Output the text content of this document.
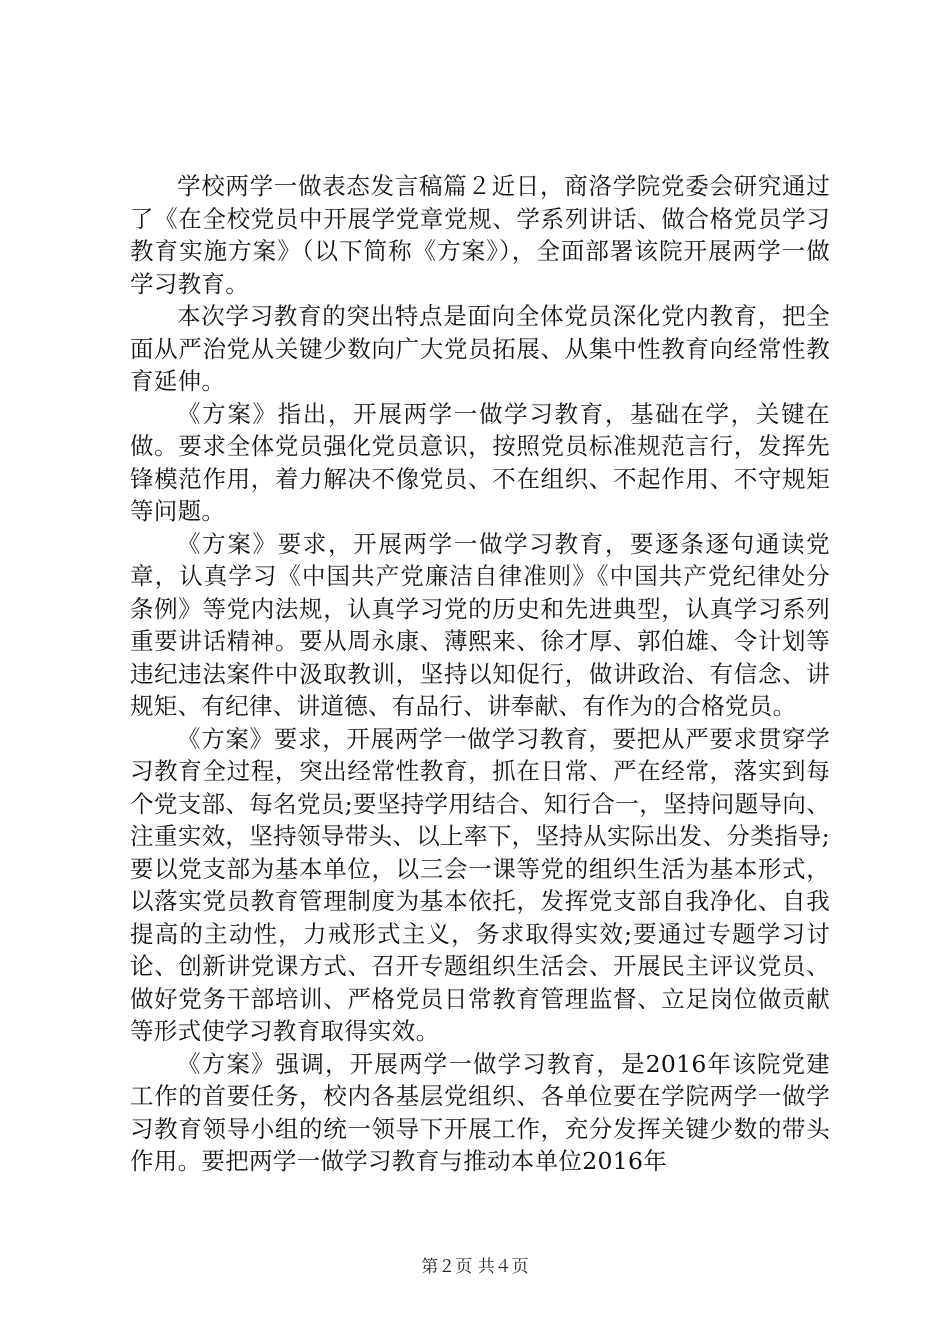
学校两学一做表态发言稿篇２近日，商洛学院党委会研究通过了《在全校党员中开展学党章党规、学系列讲话、做合格党员学习教育实施方案》（以下简称《方案》），全面部署该院开展两学一做学习教育。

本次学习教育的突出特点是面向全体党员深化党内教育，把全面从严治党从关键少数向广大党员拓展、从集中性教育向经常性教育延伸。

《方案》指出，开展两学一做学习教育，基础在学，关键在做。要求全体党员强化党员意识，按照党员标准规范言行，发挥先锋模范作用，着力解决不像党员、不在组织、不起作用、不守规矩等问题。

《方案》要求，开展两学一做学习教育，要逐条逐句通读党章，认真学习《中国共产党廉洁自律准则》《中国共产党纪律处分条例》等党内法规，认真学习党的历史和先进典型，认真学习系列重要讲话精神。要从周永康、薄熙来、徐才厚、郭伯雄、令计划等违纪违法案件中汲取教训，坚持以知促行，做讲政治、有信念、讲规矩、有纪律、讲道德、有品行、讲奉献、有作为的合格党员。

《方案》要求，开展两学一做学习教育，要把从严要求贯穿学习教育全过程，突出经常性教育，抓在日常、严在经常，落实到每个党支部、每名党员;要坚持学用结合、知行合一，坚持问题导向、注重实效，坚持领导带头、以上率下，坚持从实际出发、分类指导;要以党支部为基本单位，以三会一课等党的组织生活为基本形式，以落实党员教育管理制度为基本依托，发挥党支部自我净化、自我提高的主动性，力戒形式主义，务求取得实效;要通过专题学习讨论、创新讲党课方式、召开专题组织生活会、开展民主评议党员、做好党务干部培训、严格党员日常教育管理监督、立足岗位做贡献等形式使学习教育取得实效。

《方案》强调，开展两学一做学习教育，是2016年该院党建工作的首要任务，校内各基层党组织、各单位要在学院两学一做学习教育领导小组的统一领导下开展工作，充分发挥关键少数的带头作用。要把两学一做学习教育与推动本单位2016年

第２页 共４页
